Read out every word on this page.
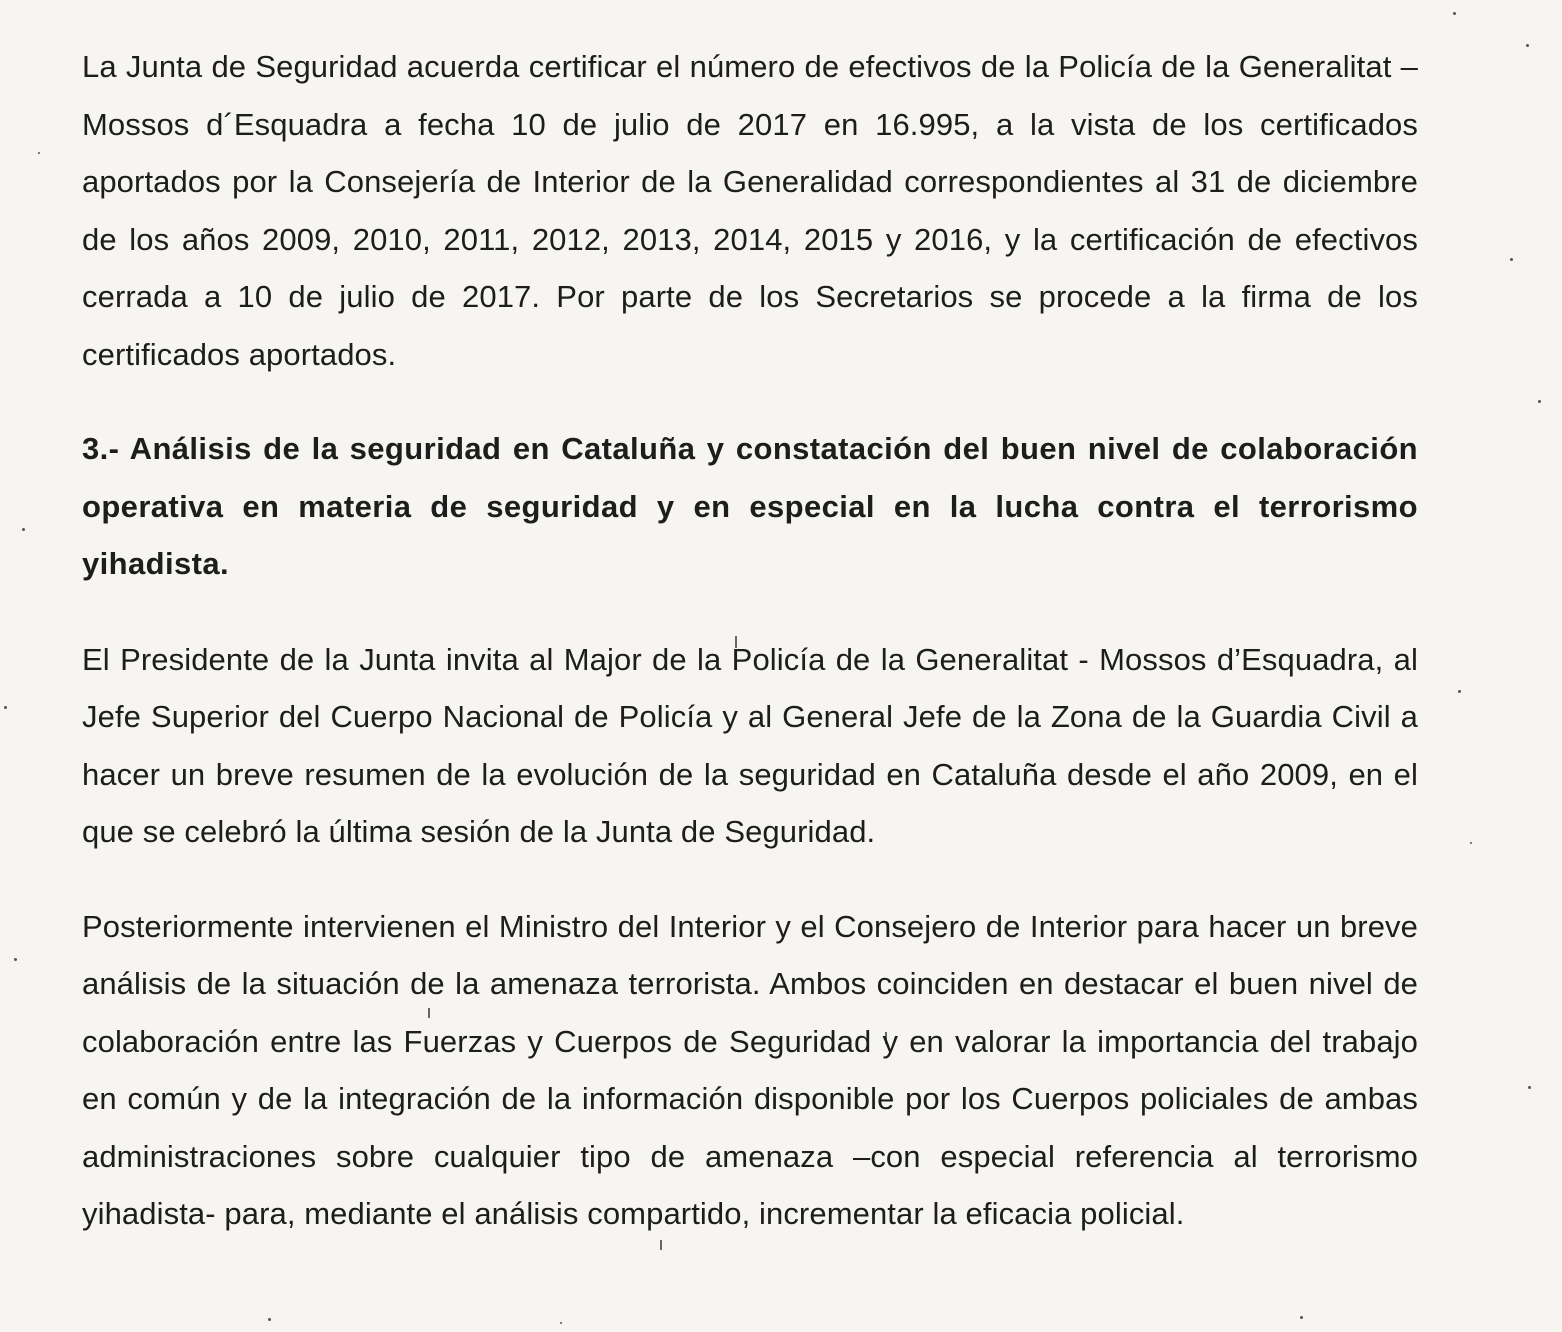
La Junta de Seguridad acuerda certificar el número de efectivos de la Policía de la Generalitat – Mossos d´Esquadra a fecha 10 de julio de 2017 en 16.995, a la vista de los certificados aportados por la Consejería de Interior de la Generalidad correspondientes al 31 de diciembre de los años 2009, 2010, 2011, 2012, 2013, 2014, 2015 y 2016, y la certificación de efectivos cerrada a 10 de julio de 2017. Por parte de los Secretarios se procede a la firma de los certificados aportados.

3.- Análisis de la seguridad en Cataluña y constatación del buen nivel de colaboración operativa en materia de seguridad y en especial en la lucha contra el terrorismo yihadista.

El Presidente de la Junta invita al Major de la Policía de la Generalitat - Mossos d’Esquadra, al Jefe Superior del Cuerpo Nacional de Policía y al General Jefe de la Zona de la Guardia Civil a hacer un breve resumen de la evolución de la seguridad en Cataluña desde el año 2009, en el que se celebró la última sesión de la Junta de Seguridad.

Posteriormente intervienen el Ministro del Interior y el Consejero de Interior para hacer un breve análisis de la situación de la amenaza terrorista. Ambos coinciden en destacar el buen nivel de colaboración entre las Fuerzas y Cuerpos de Seguridad y en valorar la importancia del trabajo en común y de la integración de la información disponible por los Cuerpos policiales de ambas administraciones sobre cualquier tipo de amenaza –con especial referencia al terrorismo yihadista- para, mediante el análisis compartido, incrementar la eficacia policial.
